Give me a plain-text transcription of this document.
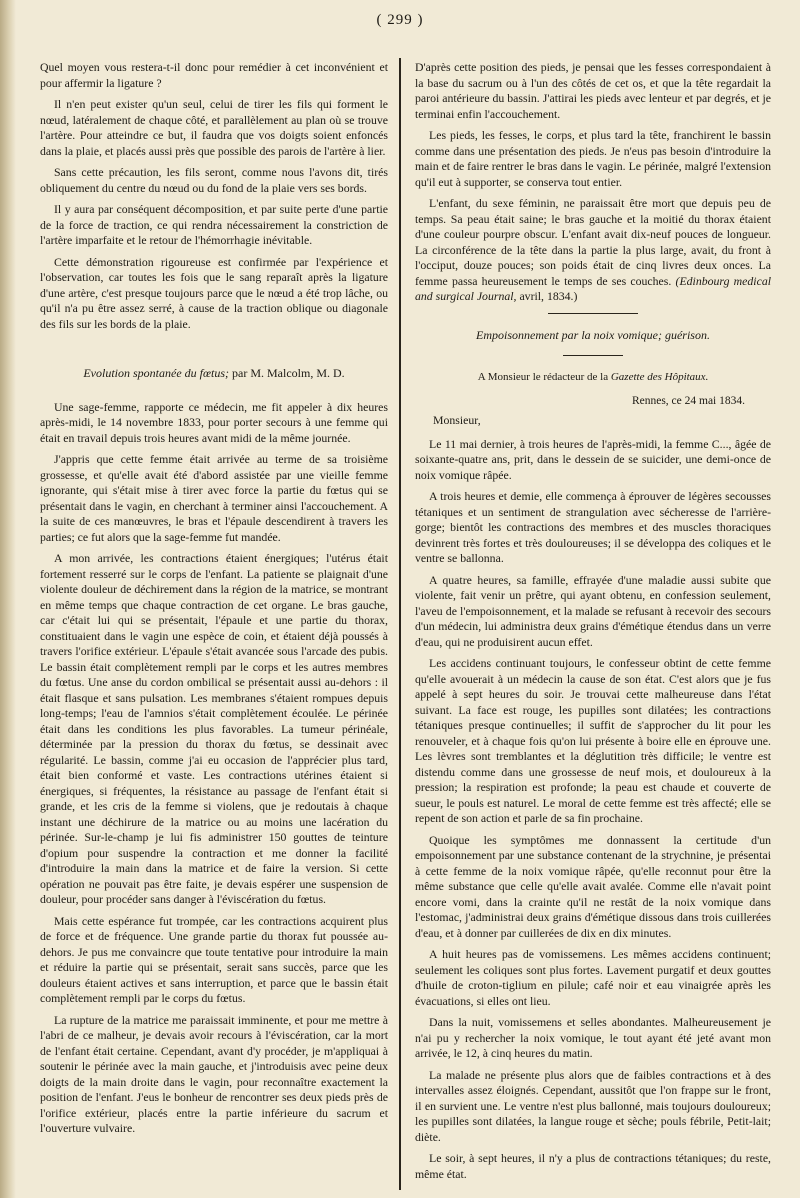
( 299 )

Quel moyen vous restera-t-il donc pour remédier à cet inconvénient et pour affermir la ligature ?

Il n'en peut exister qu'un seul, celui de tirer les fils qui forment le nœud, latéralement de chaque côté, et parallèlement au plan où se trouve l'artère. Pour atteindre ce but, il faudra que vos doigts soient enfoncés dans la plaie, et placés aussi près que possible des parois de l'artère à lier.

Sans cette précaution, les fils seront, comme nous l'avons dit, tirés obliquement du centre du nœud ou du fond de la plaie vers ses bords.

Il y aura par conséquent décomposition, et par suite perte d'une partie de la force de traction, ce qui rendra nécessairement la constriction de l'artère imparfaite et le retour de l'hémorrhagie inévitable.

Cette démonstration rigoureuse est confirmée par l'expérience et l'observation, car toutes les fois que le sang reparaît après la ligature d'une artère, c'est presque toujours parce que le nœud a été trop lâche, ou qu'il n'a pu être assez serré, à cause de la traction oblique ou diagonale des fils sur les bords de la plaie.

Evolution spontanée du fœtus; par M. Malcolm, M. D.

Une sage-femme, rapporte ce médecin, me fit appeler à dix heures après-midi, le 14 novembre 1833, pour porter secours à une femme qui était en travail depuis trois heures avant midi de la même journée.

J'appris que cette femme était arrivée au terme de sa troisième grossesse, et qu'elle avait été d'abord assistée par une vieille femme ignorante, qui s'était mise à tirer avec force la partie du fœtus qui se présentait dans le vagin, en cherchant à terminer ainsi l'accouchement. A la suite de ces manœuvres, le bras et l'épaule descendirent à travers les parties; ce fut alors que la sage-femme fut mandée.

A mon arrivée, les contractions étaient énergiques; l'utérus était fortement resserré sur le corps de l'enfant. La patiente se plaignait d'une violente douleur de déchirement dans la région de la matrice, se montrant en même temps que chaque contraction de cet organe. Le bras gauche, car c'était lui qui se présentait, l'épaule et une partie du thorax, constituaient dans le vagin une espèce de coin, et étaient déjà poussés à travers l'orifice extérieur. L'épaule s'était avancée sous l'arcade des pubis. Le bassin était complètement rempli par le corps et les autres membres du fœtus. Une anse du cordon ombilical se présentait aussi au-dehors : il était flasque et sans pulsation. Les membranes s'étaient rompues depuis long-temps; l'eau de l'amnios s'était complètement écoulée. Le périnée était dans les conditions les plus favorables. La tumeur périnéale, déterminée par la pression du thorax du fœtus, se dessinait avec régularité. Le bassin, comme j'ai eu occasion de l'apprécier plus tard, était bien conformé et vaste. Les contractions utérines étaient si énergiques, si fréquentes, la résistance au passage de l'enfant était si grande, et les cris de la femme si violens, que je redoutais à chaque instant une déchirure de la matrice ou au moins une lacération du périnée. Sur-le-champ je lui fis administrer 150 gouttes de teinture d'opium pour suspendre la contraction et me donner la facilité d'introduire la main dans la matrice et de faire la version. Si cette opération ne pouvait pas être faite, je devais espérer une suspension de douleur, pour procéder sans danger à l'éviscération du fœtus.

Mais cette espérance fut trompée, car les contractions acquirent plus de force et de fréquence. Une grande partie du thorax fut poussée au-dehors. Je pus me convaincre que toute tentative pour introduire la main et réduire la partie qui se présentait, serait sans succès, parce que les douleurs étaient actives et sans interruption, et parce que le bassin était complètement rempli par le corps du fœtus.

La rupture de la matrice me paraissait imminente, et pour me mettre à l'abri de ce malheur, je devais avoir recours à l'éviscération, car la mort de l'enfant était certaine. Cependant, avant d'y procéder, je m'appliquai à soutenir le périnée avec la main gauche, et j'introduisis avec peine deux doigts de la main droite dans le vagin, pour reconnaître exactement la position de l'enfant. J'eus le bonheur de rencontrer ses deux pieds près de l'orifice extérieur, placés entre la partie inférieure du sacrum et l'ouverture vulvaire.

D'après cette position des pieds, je pensai que les fesses correspondaient à la base du sacrum ou à l'un des côtés de cet os, et que la tête regardait la paroi antérieure du bassin. J'attirai les pieds avec lenteur et par degrés, et je terminai enfin l'accouchement.

Les pieds, les fesses, le corps, et plus tard la tête, franchirent le bassin comme dans une présentation des pieds. Je n'eus pas besoin d'introduire la main et de faire rentrer le bras dans le vagin. Le périnée, malgré l'extension qu'il eut à supporter, se conserva tout entier.

L'enfant, du sexe féminin, ne paraissait être mort que depuis peu de temps. Sa peau était saine; le bras gauche et la moitié du thorax étaient d'une couleur pourpre obscur. L'enfant avait dix-neuf pouces de longueur. La circonférence de la tête dans la partie la plus large, avait, du front à l'occiput, douze pouces; son poids était de cinq livres deux onces. La femme passa heureusement le temps de ses couches. (Edinbourg medical and surgical Journal, avril, 1834.)

Empoisonnement par la noix vomique; guérison.
A Monsieur le rédacteur de la Gazette des Hôpitaux.
Rennes, ce 24 mai 1834.
Monsieur,

Le 11 mai dernier, à trois heures de l'après-midi, la femme C..., âgée de soixante-quatre ans, prit, dans le dessein de se suicider, une demi-once de noix vomique râpée.

A trois heures et demie, elle commença à éprouver de légères secousses tétaniques et un sentiment de strangulation avec sécheresse de l'arrière-gorge; bientôt les contractions des membres et des muscles thoraciques devinrent très fortes et très douloureuses; il se développa des coliques et le ventre se ballonna.

A quatre heures, sa famille, effrayée d'une maladie aussi subite que violente, fait venir un prêtre, qui ayant obtenu, en confession seulement, l'aveu de l'empoisonnement, et la malade se refusant à recevoir des secours d'un médecin, lui administra deux grains d'émétique étendus dans un verre d'eau, qui ne produisirent aucun effet.

Les accidens continuant toujours, le confesseur obtint de cette femme qu'elle avouerait à un médecin la cause de son état. C'est alors que je fus appelé à sept heures du soir. Je trouvai cette malheureuse dans l'état suivant. La face est rouge, les pupilles sont dilatées; les contractions tétaniques presque continuelles; il suffit de s'approcher du lit pour les renouveler, et à chaque fois qu'on lui présente à boire elle en éprouve une. Les lèvres sont tremblantes et la déglutition très difficile; le ventre est distendu comme dans une grossesse de neuf mois, et douloureux à la pression; la respiration est profonde; la peau est chaude et couverte de sueur, le pouls est naturel. Le moral de cette femme est très affecté; elle se repent de son action et parle de sa fin prochaine.

Quoique les symptômes me donnassent la certitude d'un empoisonnement par une substance contenant de la strychnine, je présentai à cette femme de la noix vomique râpée, qu'elle reconnut pour être la même substance que celle qu'elle avait avalée. Comme elle n'avait point encore vomi, dans la crainte qu'il ne restât de la noix vomique dans l'estomac, j'administrai deux grains d'émétique dissous dans trois cuillerées d'eau, et à donner par cuillerées de dix en dix minutes.

A huit heures pas de vomissemens. Les mêmes accidens continuent; seulement les coliques sont plus fortes. Lavement purgatif et deux gouttes d'huile de croton-tiglium en pilule; café noir et eau vinaigrée après les évacuations, si elles ont lieu.

Dans la nuit, vomissemens et selles abondantes. Malheureusement je n'ai pu y rechercher la noix vomique, le tout ayant été jeté avant mon arrivée, le 12, à cinq heures du matin.

La malade ne présente plus alors que de faibles contractions et à des intervalles assez éloignés. Cependant, aussitôt que l'on frappe sur le front, il en survient une. Le ventre n'est plus ballonné, mais toujours douloureux; les pupilles sont dilatées, la langue rouge et sèche; pouls fébrile, Petit-lait; diète.

Le soir, à sept heures, il n'y a plus de contractions tétaniques; du reste, même état.
